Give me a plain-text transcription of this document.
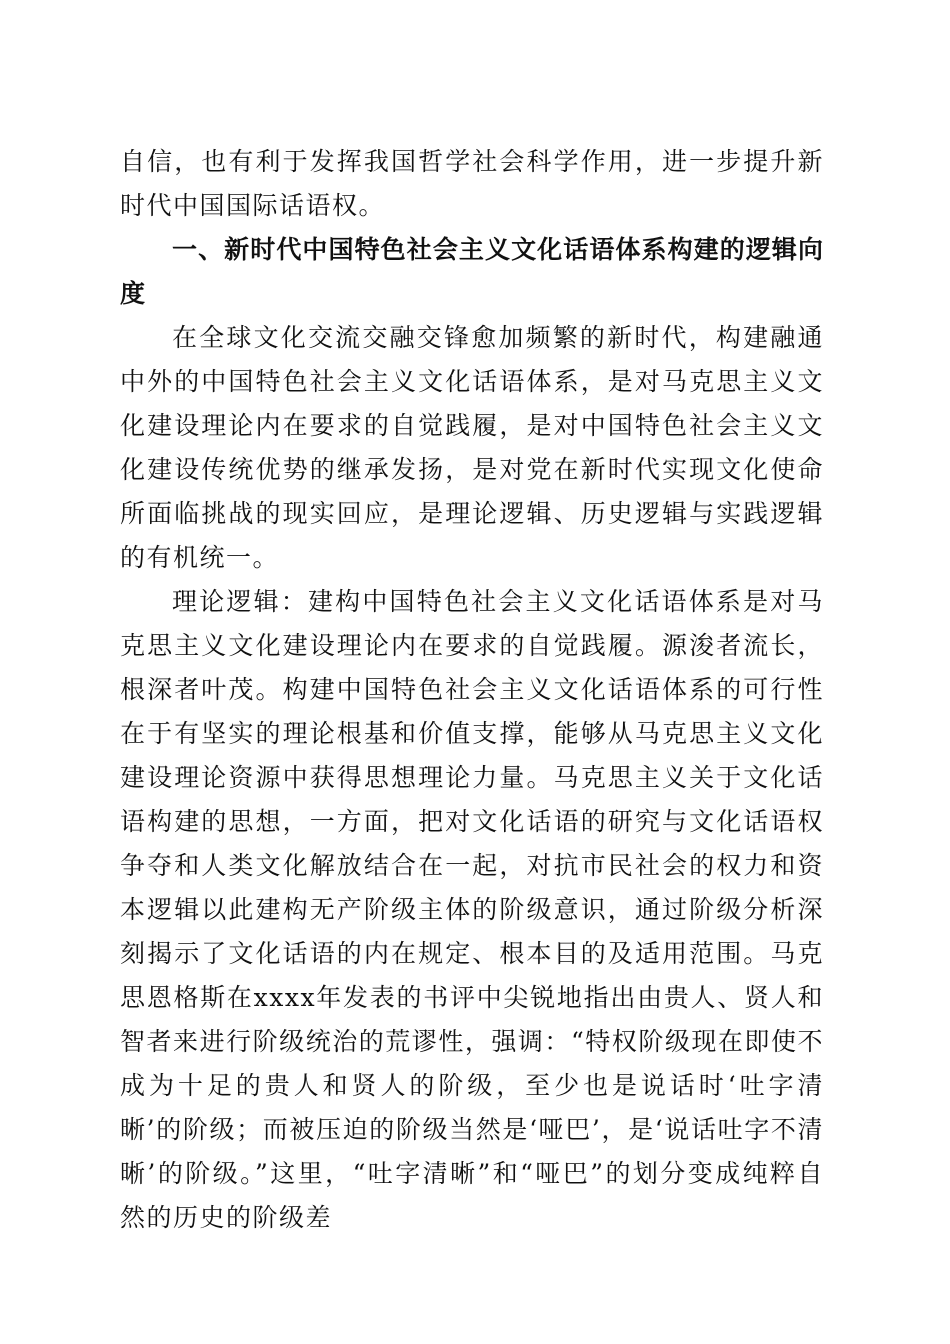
自信，也有利于发挥我国哲学社会科学作用，进一步提升新时代中国国际话语权。

一、新时代中国特色社会主义文化话语体系构建的逻辑向度

在全球文化交流交融交锋愈加频繁的新时代，构建融通中外的中国特色社会主义文化话语体系，是对马克思主义文化建设理论内在要求的自觉践履，是对中国特色社会主义文化建设传统优势的继承发扬，是对党在新时代实现文化使命所面临挑战的现实回应，是理论逻辑、历史逻辑与实践逻辑的有机统一。

理论逻辑：建构中国特色社会主义文化话语体系是对马克思主义文化建设理论内在要求的自觉践履。源浚者流长，根深者叶茂。构建中国特色社会主义文化话语体系的可行性在于有坚实的理论根基和价值支撑，能够从马克思主义文化建设理论资源中获得思想理论力量。马克思主义关于文化话语构建的思想，一方面，把对文化话语的研究与文化话语权争夺和人类文化解放结合在一起，对抗市民社会的权力和资本逻辑以此建构无产阶级主体的阶级意识，通过阶级分析深刻揭示了文化话语的内在规定、根本目的及适用范围。马克思恩格斯在xxxx年发表的书评中尖锐地指出由贵人、贤人和智者来进行阶级统治的荒谬性，强调：“特权阶级现在即使不成为十足的贵人和贤人的阶级，至少也是说话时‘吐字清晰’的阶级；而被压迫的阶级当然是‘哑巴’，是‘说话吐字不清晰’的阶级。”这里，“吐字清晰”和“哑巴”的划分变成纯粹自然的历史的阶级差
